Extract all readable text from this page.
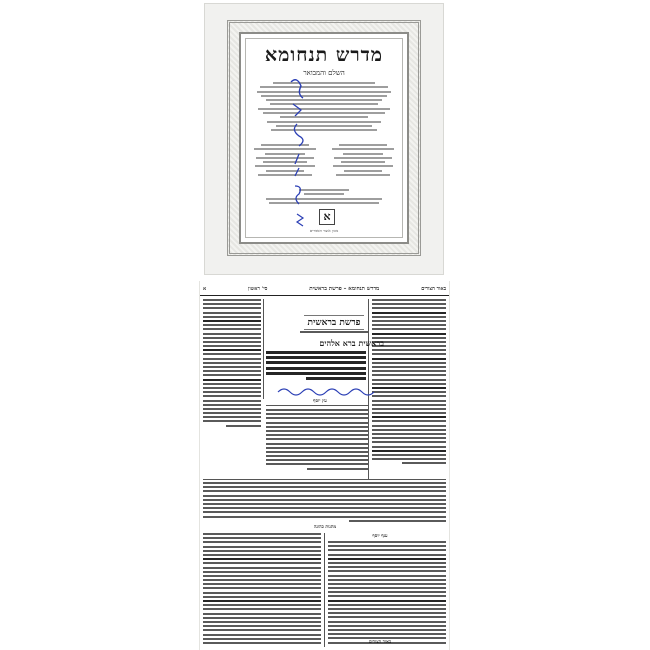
מדרש תנחומא
השלם והמבואר
א
מכון אוצר הספרים
באור הצורים
מדרש תנחומא – פרשת בראשית
סי' ראשון
א
פרשת בראשית
בראשית ברא אלהים
עץ יוסף
מתנות כהונה
ענף יוסף
באור הצורים
